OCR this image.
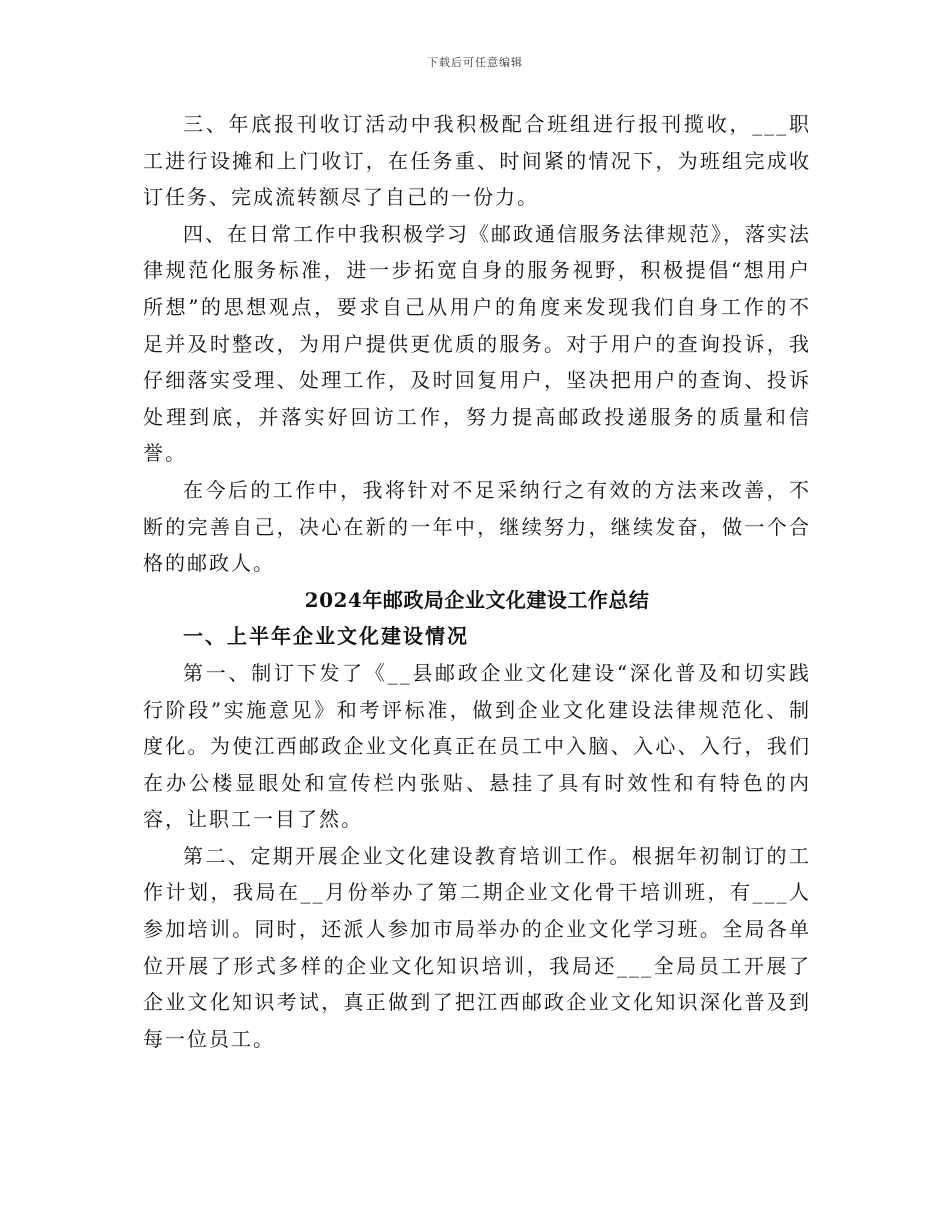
下载后可任意编辑

三、年底报刊收订活动中我积极配合班组进行报刊揽收，___职工进行设摊和上门收订，在任务重、时间紧的情况下，为班组完成收订任务、完成流转额尽了自己的一份力。

四、在日常工作中我积极学习《邮政通信服务法律规范》，落实法律规范化服务标准，进一步拓宽自身的服务视野，积极提倡“想用户所想”的思想观点，要求自己从用户的角度来发现我们自身工作的不足并及时整改，为用户提供更优质的服务。对于用户的查询投诉，我仔细落实受理、处理工作，及时回复用户，坚决把用户的查询、投诉处理到底，并落实好回访工作，努力提高邮政投递服务的质量和信誉。

在今后的工作中，我将针对不足采纳行之有效的方法来改善，不断的完善自己，决心在新的一年中，继续努力，继续发奋，做一个合格的邮政人。

2024年邮政局企业文化建设工作总结

一、上半年企业文化建设情况

第一、制订下发了《__县邮政企业文化建设“深化普及和切实践行阶段”实施意见》和考评标准，做到企业文化建设法律规范化、制度化。为使江西邮政企业文化真正在员工中入脑、入心、入行，我们在办公楼显眼处和宣传栏内张贴、悬挂了具有时效性和有特色的内容，让职工一目了然。

第二、定期开展企业文化建设教育培训工作。根据年初制订的工作计划，我局在__月份举办了第二期企业文化骨干培训班，有___人参加培训。同时，还派人参加市局举办的企业文化学习班。全局各单位开展了形式多样的企业文化知识培训，我局还___全局员工开展了企业文化知识考试，真正做到了把江西邮政企业文化知识深化普及到每一位员工。
